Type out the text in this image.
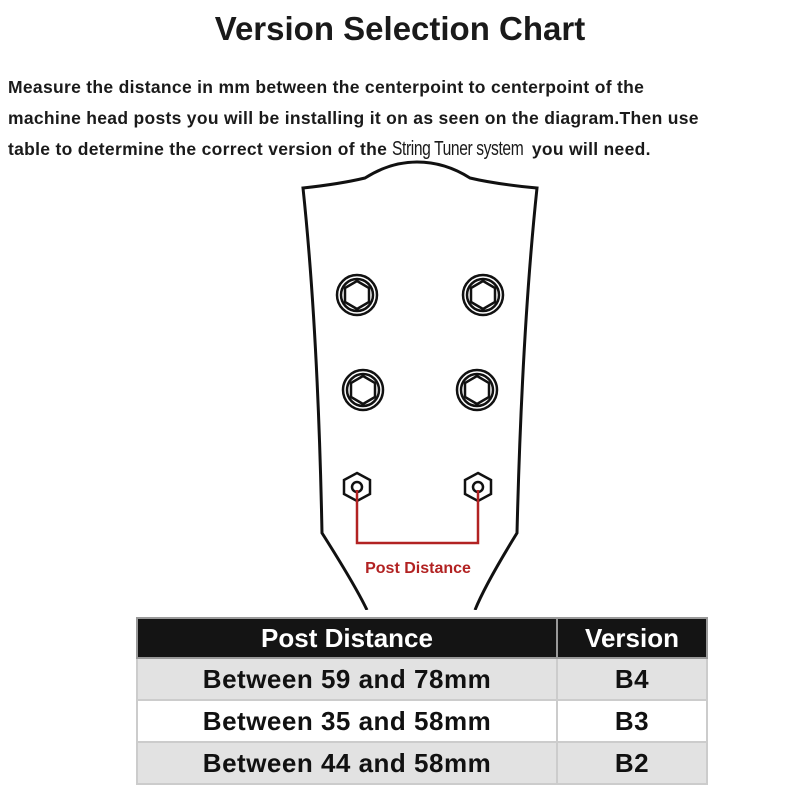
Version Selection Chart
Measure the distance in mm between the centerpoint to centerpoint of the
machine head posts you will be installing it on as seen on the diagram.Then use
table to determine the correct version of the String Tuner system you will need.
Post Distance
Post Distance	Version
Between 59 and 78mm	B4
Between 35 and 58mm	B3
Between 44 and 58mm	B2
